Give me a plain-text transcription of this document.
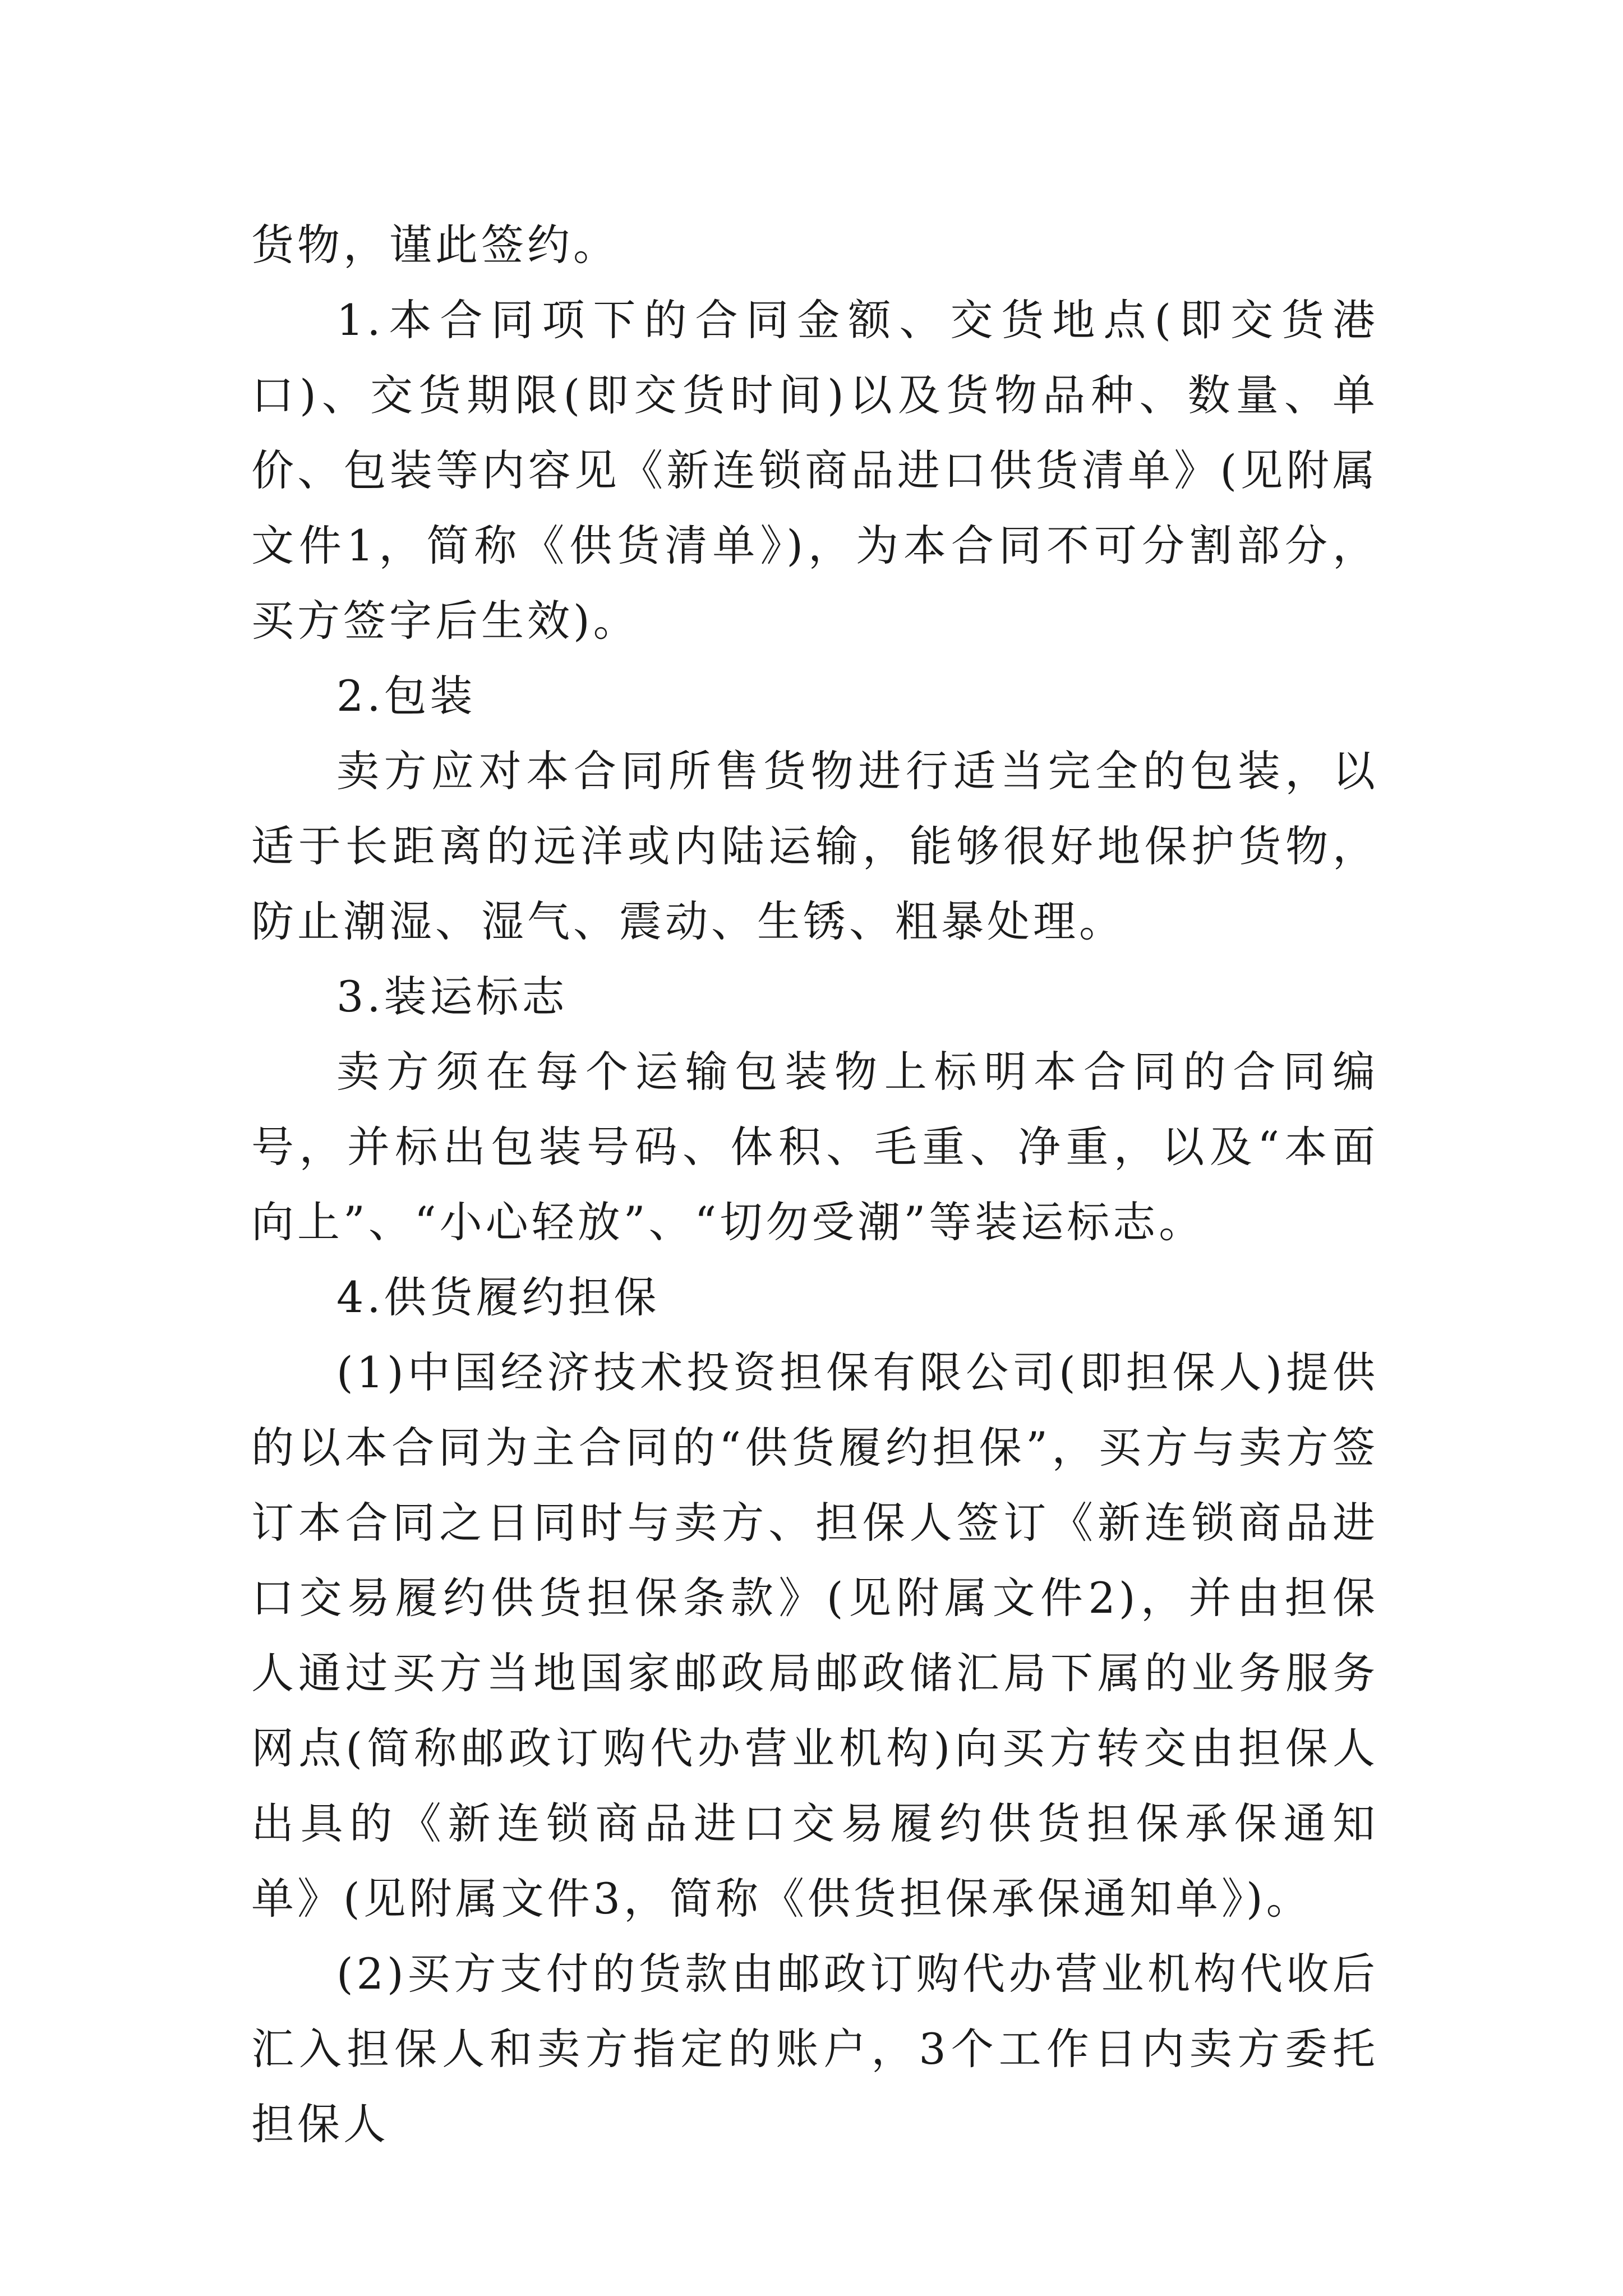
货物，谨此签约。

1.本合同项下的合同金额、交货地点(即交货港口)、交货期限(即交货时间)以及货物品种、数量、单价、包装等内容见《新连锁商品进口供货清单》(见附属文件1，简称《供货清单》)，为本合同不可分割部分，买方签字后生效)。

2.包装

卖方应对本合同所售货物进行适当完全的包装，以适于长距离的远洋或内陆运输，能够很好地保护货物，防止潮湿、湿气、震动、生锈、粗暴处理。

3.装运标志

卖方须在每个运输包装物上标明本合同的合同编号，并标出包装号码、体积、毛重、净重，以及“本面向上”、“小心轻放”、“切勿受潮”等装运标志。

4.供货履约担保

(1)中国经济技术投资担保有限公司(即担保人)提供的以本合同为主合同的“供货履约担保”，买方与卖方签订本合同之日同时与卖方、担保人签订《新连锁商品进口交易履约供货担保条款》(见附属文件2)，并由担保人通过买方当地国家邮政局邮政储汇局下属的业务服务网点(简称邮政订购代办营业机构)向买方转交由担保人出具的《新连锁商品进口交易履约供货担保承保通知单》(见附属文件3，简称《供货担保承保通知单》)。

(2)买方支付的货款由邮政订购代办营业机构代收后汇入担保人和卖方指定的账户，3个工作日内卖方委托担保人
